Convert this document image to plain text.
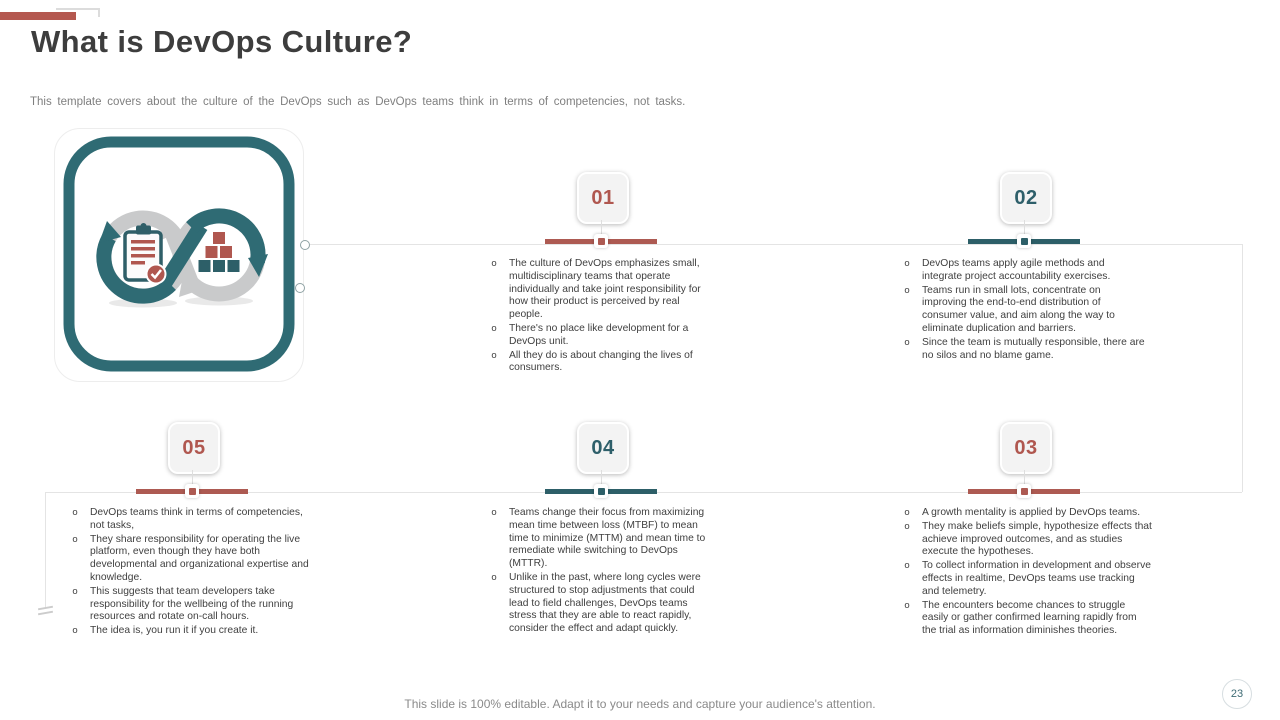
What is DevOps Culture?
This template covers about the culture of the DevOps such as DevOps teams think in terms of competencies, not tasks.
01
o The culture of DevOps emphasizes small, multidisciplinary teams that operate individually and take joint responsibility for how their product is perceived by real people.
o There's no place like development for a DevOps unit.
o All they do is about changing the lives of consumers.
02
o DevOps teams apply agile methods and integrate project accountability exercises.
o Teams run in small lots, concentrate on improving the end-to-end distribution of consumer value, and aim along the way to eliminate duplication and barriers.
o Since the team is mutually responsible, there are no silos and no blame game.
05
o DevOps teams think in terms of competencies, not tasks,
o They share responsibility for operating the live platform, even though they have both developmental and organizational expertise and knowledge.
o This suggests that team developers take responsibility for the wellbeing of the running resources and rotate on-call hours.
o The idea is, you run it if you create it.
04
o Teams change their focus from maximizing mean time between loss (MTBF) to mean time to minimize (MTTM) and mean time to remediate while switching to DevOps (MTTR).
o Unlike in the past, where long cycles were structured to stop adjustments that could lead to field challenges, DevOps teams stress that they are able to react rapidly, consider the effect and adapt quickly.
03
o A growth mentality is applied by DevOps teams.
o They make beliefs simple, hypothesize effects that achieve improved outcomes, and as studies execute the hypotheses.
o To collect information in development and observe effects in realtime, DevOps teams use tracking and telemetry.
o The encounters become chances to struggle easily or gather confirmed learning rapidly from the trial as information diminishes theories.
This slide is 100% editable. Adapt it to your needs and capture your audience's attention.
23
